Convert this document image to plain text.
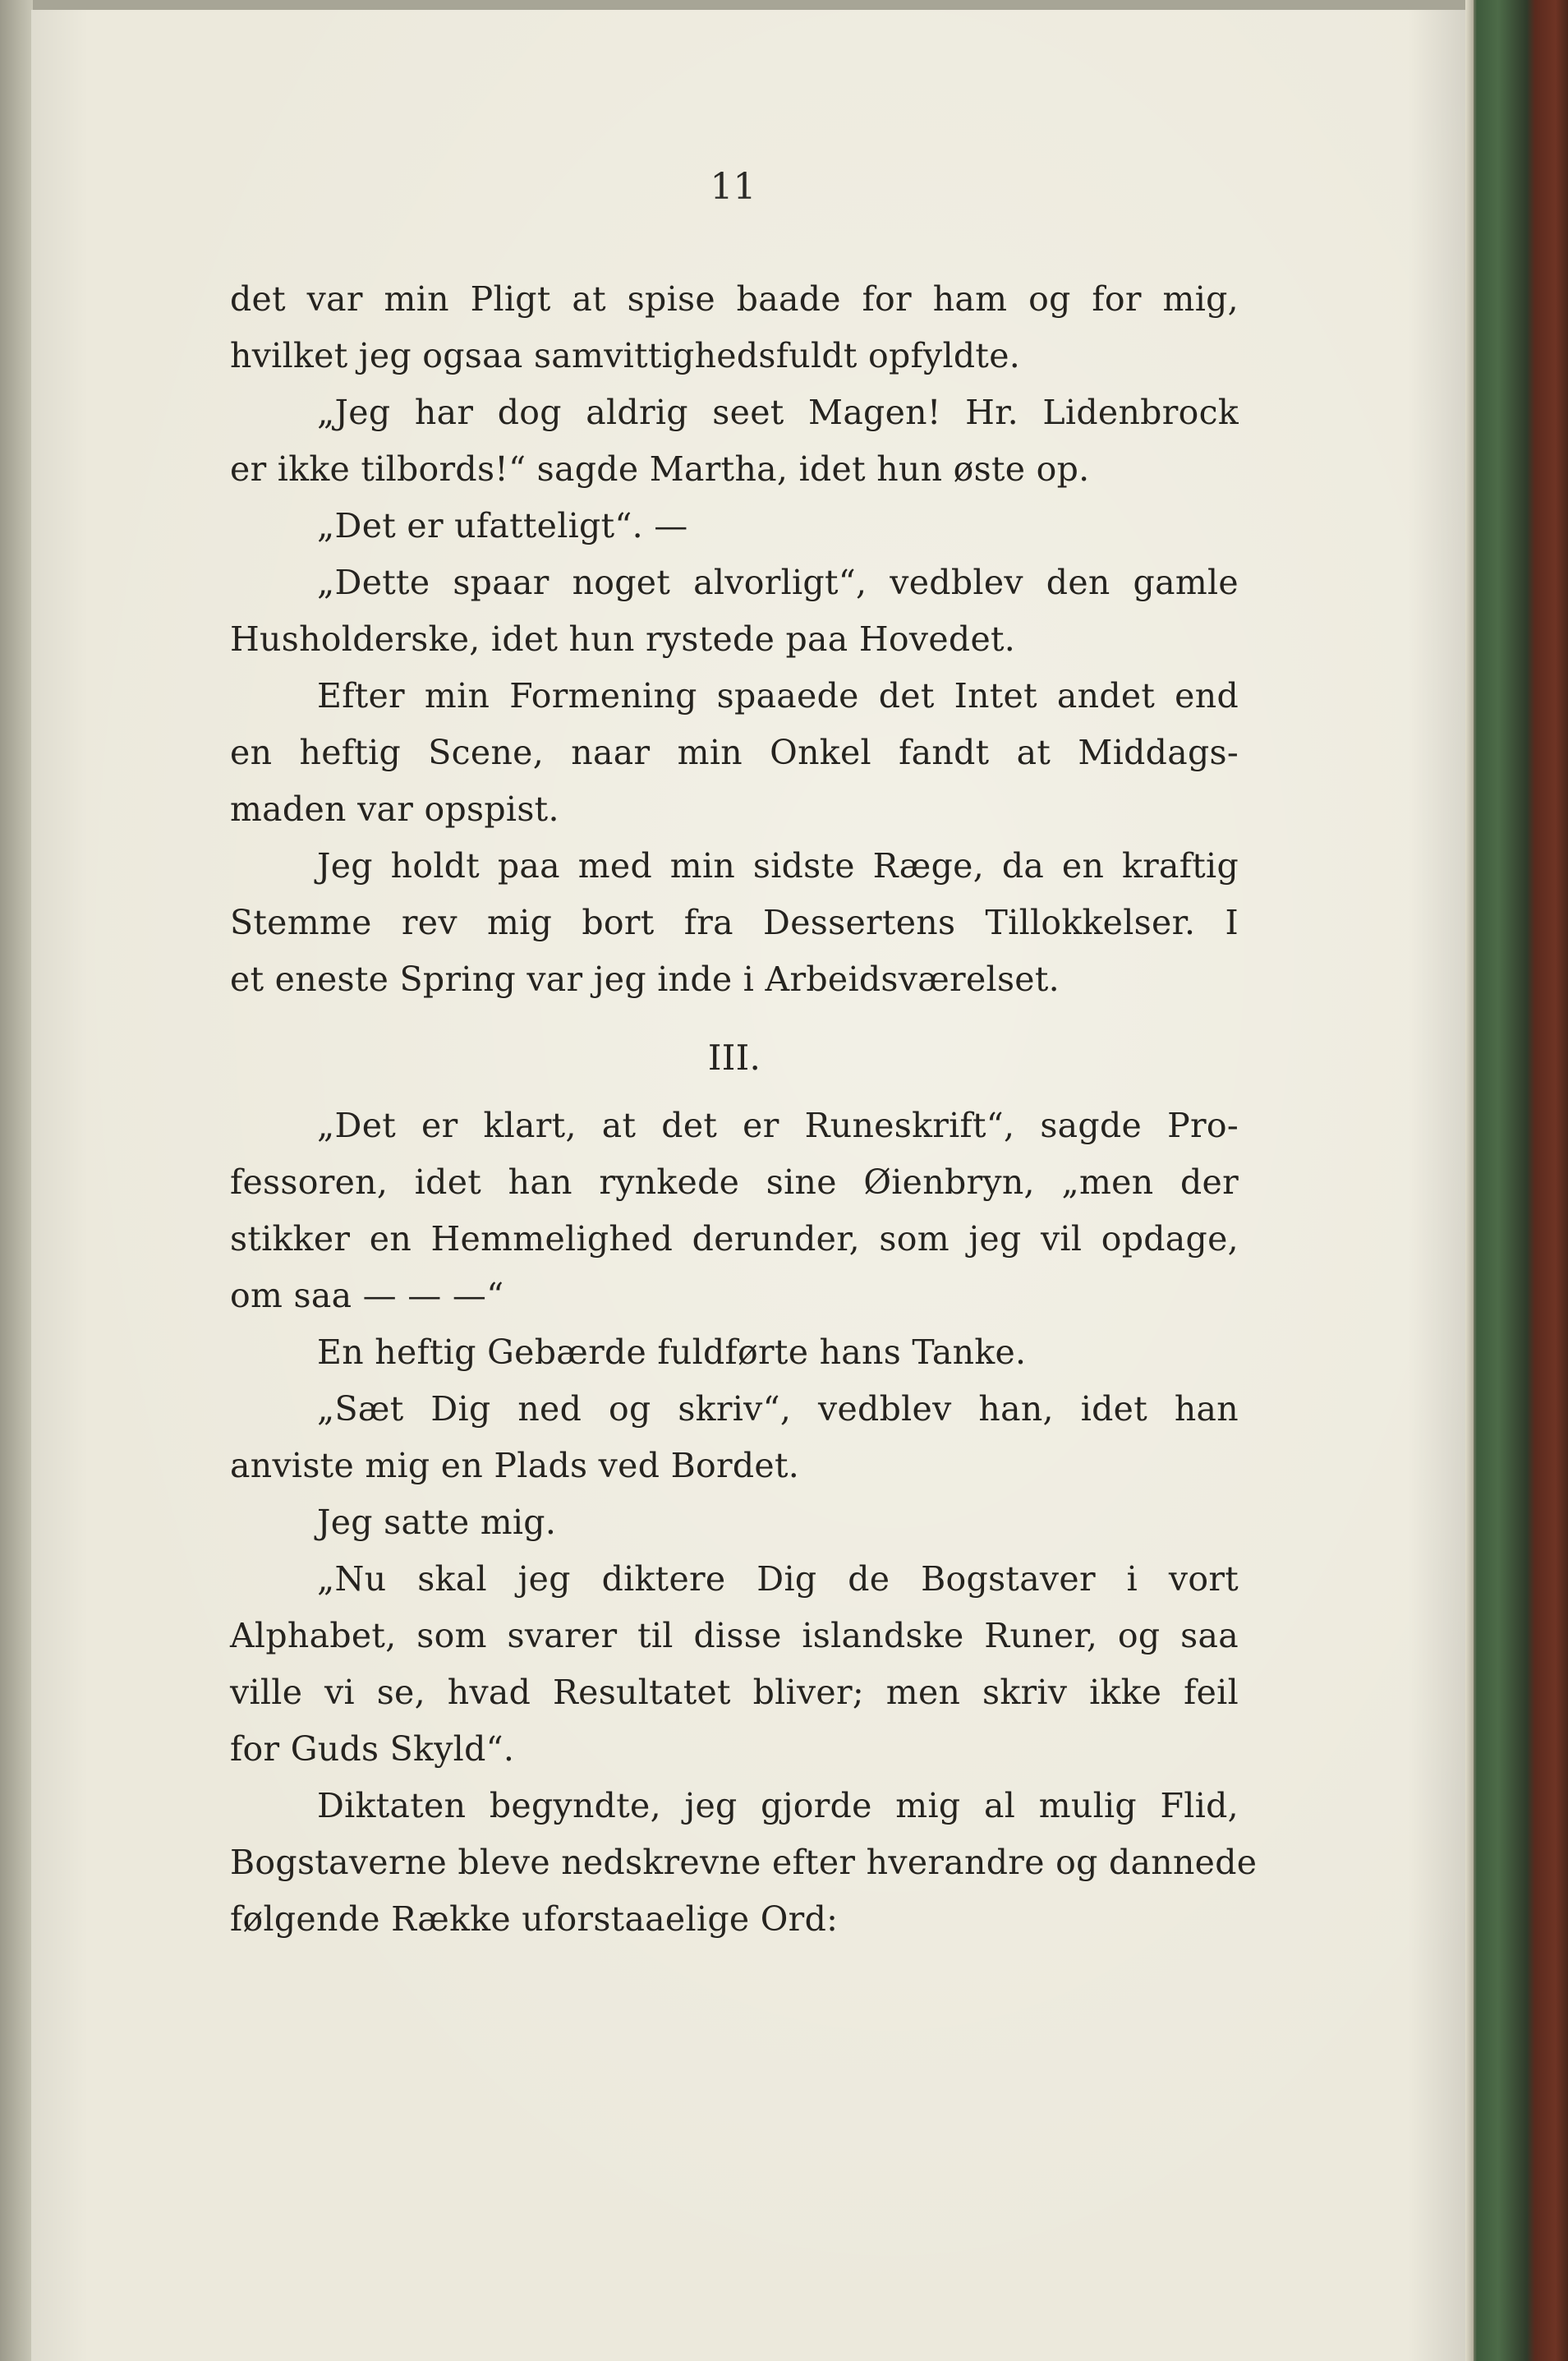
11
det var min Pligt at spise baade for ham og for mig,
hvilket jeg ogsaa samvittighedsfuldt opfyldte.
„Jeg har dog aldrig seet Magen! Hr. Lidenbrock
er ikke tilbords!“ sagde Martha, idet hun øste op.
„Det er ufatteligt“. —
„Dette spaar noget alvorligt“, vedblev den gamle
Husholderske, idet hun rystede paa Hovedet.
Efter min Formening spaaede det Intet andet end
en heftig Scene, naar min Onkel fandt at Middags-
maden var opspist.
Jeg holdt paa med min sidste Ræge, da en kraftig
Stemme rev mig bort fra Dessertens Tillokkelser. I
et eneste Spring var jeg inde i Arbeidsværelset.
III.
„Det er klart, at det er Runeskrift“, sagde Pro-
fessoren, idet han rynkede sine Øienbryn, „men der
stikker en Hemmelighed derunder, som jeg vil opdage,
om saa — — —“
En heftig Gebærde fuldførte hans Tanke.
„Sæt Dig ned og skriv“, vedblev han, idet han
anviste mig en Plads ved Bordet.
Jeg satte mig.
„Nu skal jeg diktere Dig de Bogstaver i vort
Alphabet, som svarer til disse islandske Runer, og saa
ville vi se, hvad Resultatet bliver; men skriv ikke feil
for Guds Skyld“.
Diktaten begyndte, jeg gjorde mig al mulig Flid,
Bogstaverne bleve nedskrevne efter hverandre og dannede
følgende Række uforstaaelige Ord:
